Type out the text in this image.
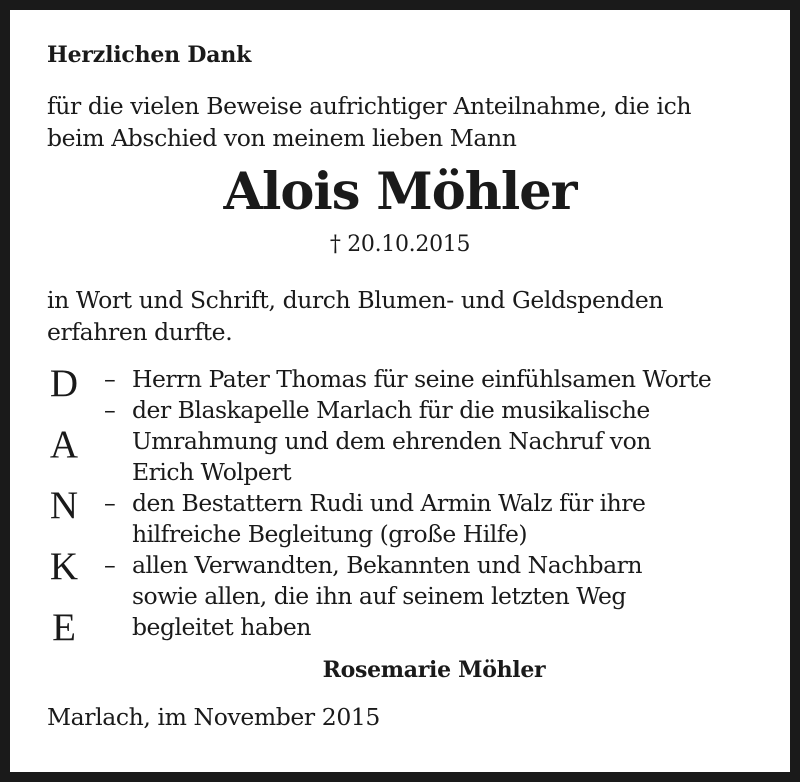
Herzlichen Dank
für die vielen Beweise aufrichtiger Anteilnahme, die ich
beim Abschied von meinem lieben Mann
Alois Möhler
† 20.10.2015
in Wort und Schrift, durch Blumen- und Geldspenden
erfahren durfte.
D
A
N
K
E
– Herrn Pater Thomas für seine einfühlsamen Worte
– der Blaskapelle Marlach für die musikalische
Umrahmung und dem ehrenden Nachruf von
Erich Wolpert
– den Bestattern Rudi und Armin Walz für ihre
hilfreiche Begleitung (große Hilfe)
– allen Verwandten, Bekannten und Nachbarn
sowie allen, die ihn auf seinem letzten Weg
begleitet haben
Rosemarie Möhler
Marlach, im November 2015
